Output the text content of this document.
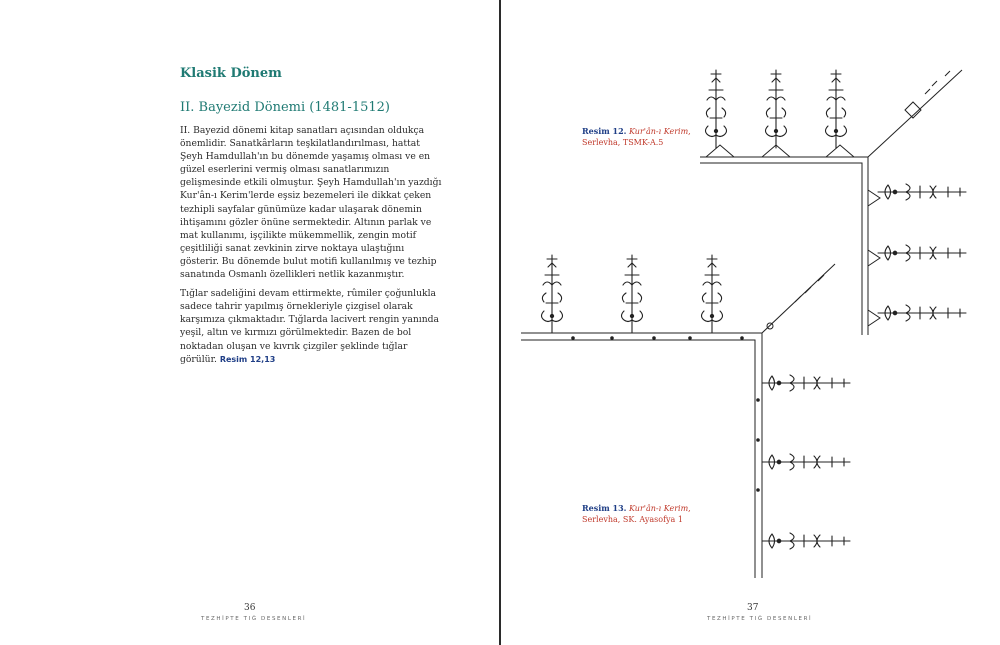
Klasik Dönem
II. Bayezid Dönemi (1481-1512)

II. Bayezid dönemi kitap sanatları açısından oldukça önemlidir. Sanatkârların teşkilatlandırılması, hattat Şeyh Hamdullah'ın bu dönemde yaşamış olması ve en güzel eserlerini vermiş olması sanatlarımızın gelişmesinde etkili olmuştur. Şeyh Hamdullah'ın yazdığı Kur'ân-ı Kerim'lerde eşsiz bezemeleri ile dikkat çeken tezhipli sayfalar günümüze kadar ulaşarak dönemin ihtişamını gözler önüne sermektedir. Altının parlak ve mat kullanımı, işçilikte mükemmellik, zengin motif çeşitliliği sanat zevkinin zirve noktaya ulaştığını gösterir. Bu dönemde bulut motifi kullanılmış ve tezhip sanatında Osmanlı özellikleri netlik kazanmıştır.

Tığlar sadeliğini devam ettirmekte, rûmiler çoğunlukla sadece tahrir yapılmış örnekleriyle çizgisel olarak karşımıza çıkmaktadır. Tığlarda lacivert rengin yanında yeşil, altın ve kırmızı görülmektedir. Bazen de bol noktadan oluşan ve kıvrık çizgiler şeklinde tığlar görülür. Resim 12,13

36
TEZHİPTE TIĞ DESENLERİ
Resim 12. Kur'ân-ı Kerim,
Serlevha, TSMK-A.5
Resim 13. Kur'ân-ı Kerim,
Serlevha, SK. Ayasofya 1
37
TEZHİPTE TIĞ DESENLERİ
